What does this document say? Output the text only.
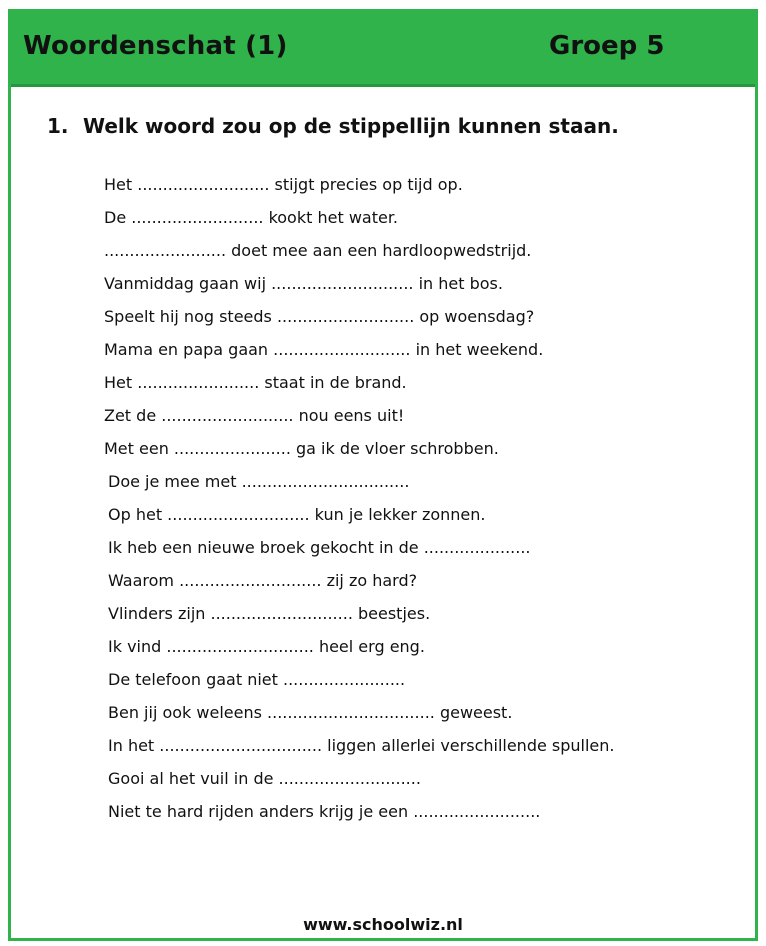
Woordenschat (1)	Groep 5
1. Welk woord zou op de stippellijn kunnen staan.
Het .......................... stijgt precies op tijd op.
De .......................... kookt het water.
........................ doet mee aan een hardloopwedstrijd.
Vanmiddag gaan wij ............................ in het bos.
Speelt hij nog steeds ........................... op woensdag?
Mama en papa gaan ........................... in het weekend.
Het ........................ staat in de brand.
Zet de .......................... nou eens uit!
Met een ....................... ga ik de vloer schrobben.
Doe je mee met .................................
Op het ............................ kun je lekker zonnen.
Ik heb een nieuwe broek gekocht in de .....................
Waarom ............................ zij zo hard?
Vlinders zijn ............................ beestjes.
Ik vind ............................. heel erg eng.
De telefoon gaat niet ........................
Ben jij ook weleens ................................. geweest.
In het ................................ liggen allerlei verschillende spullen.
Gooi al het vuil in de ............................
Niet te hard rijden anders krijg je een .........................
www.schoolwiz.nl
